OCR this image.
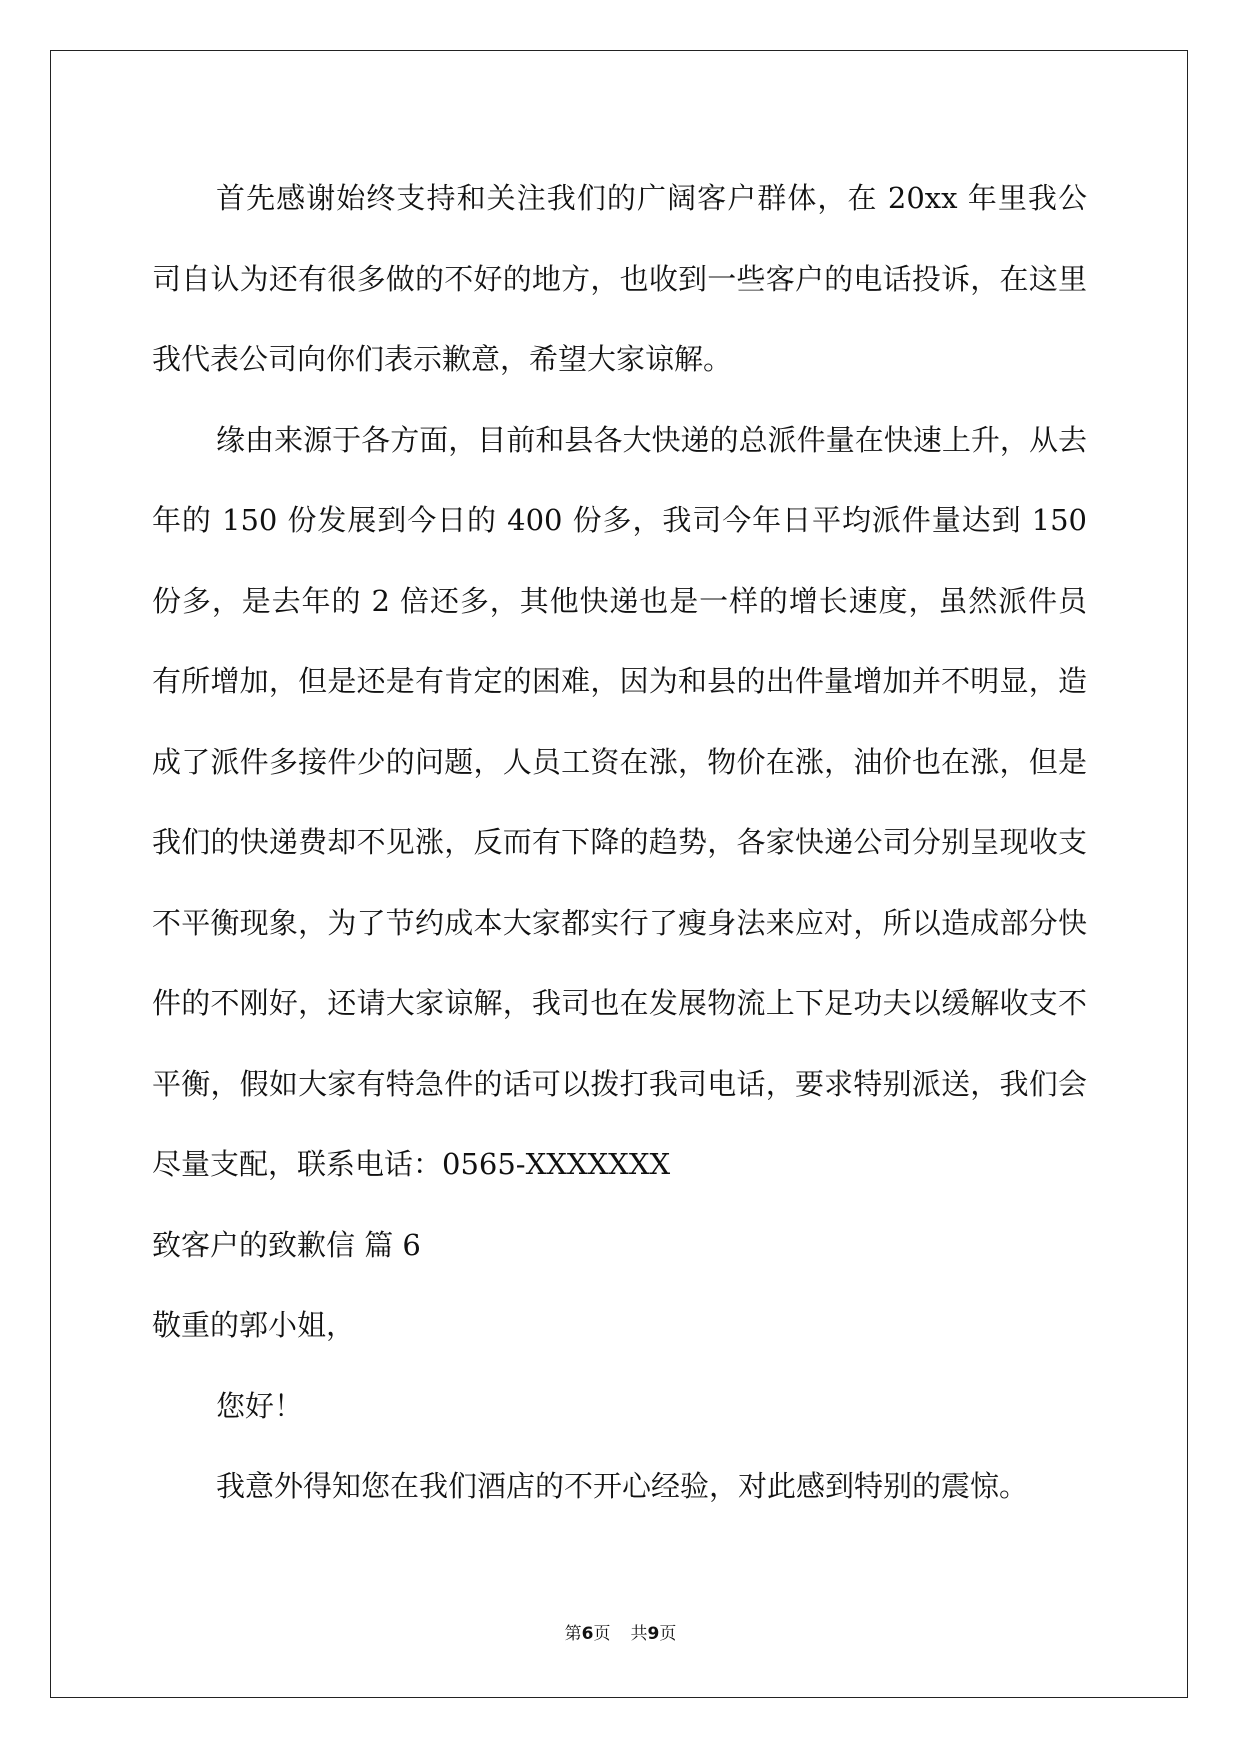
首先感谢始终支持和关注我们的广阔客户群体，在 20xx 年里我公司自认为还有很多做的不好的地方，也收到一些客户的电话投诉，在这里我代表公司向你们表示歉意，希望大家谅解。

缘由来源于各方面，目前和县各大快递的总派件量在快速上升，从去年的 150 份发展到今日的 400 份多，我司今年日平均派件量达到 150 份多，是去年的 2 倍还多，其他快递也是一样的增长速度，虽然派件员有所增加，但是还是有肯定的困难，因为和县的出件量增加并不明显，造成了派件多接件少的问题，人员工资在涨，物价在涨，油价也在涨，但是我们的快递费却不见涨，反而有下降的趋势，各家快递公司分别呈现收支不平衡现象，为了节约成本大家都实行了瘦身法来应对，所以造成部分快件的不刚好，还请大家谅解，我司也在发展物流上下足功夫以缓解收支不平衡，假如大家有特急件的话可以拨打我司电话，要求特别派送，我们会尽量支配，联系电话：0565-XXXXXXX

致客户的致歉信 篇 6

敬重的郭小姐，

您好！

我意外得知您在我们酒店的不开心经验，对此感到特别的震惊。

第6页 共9页
